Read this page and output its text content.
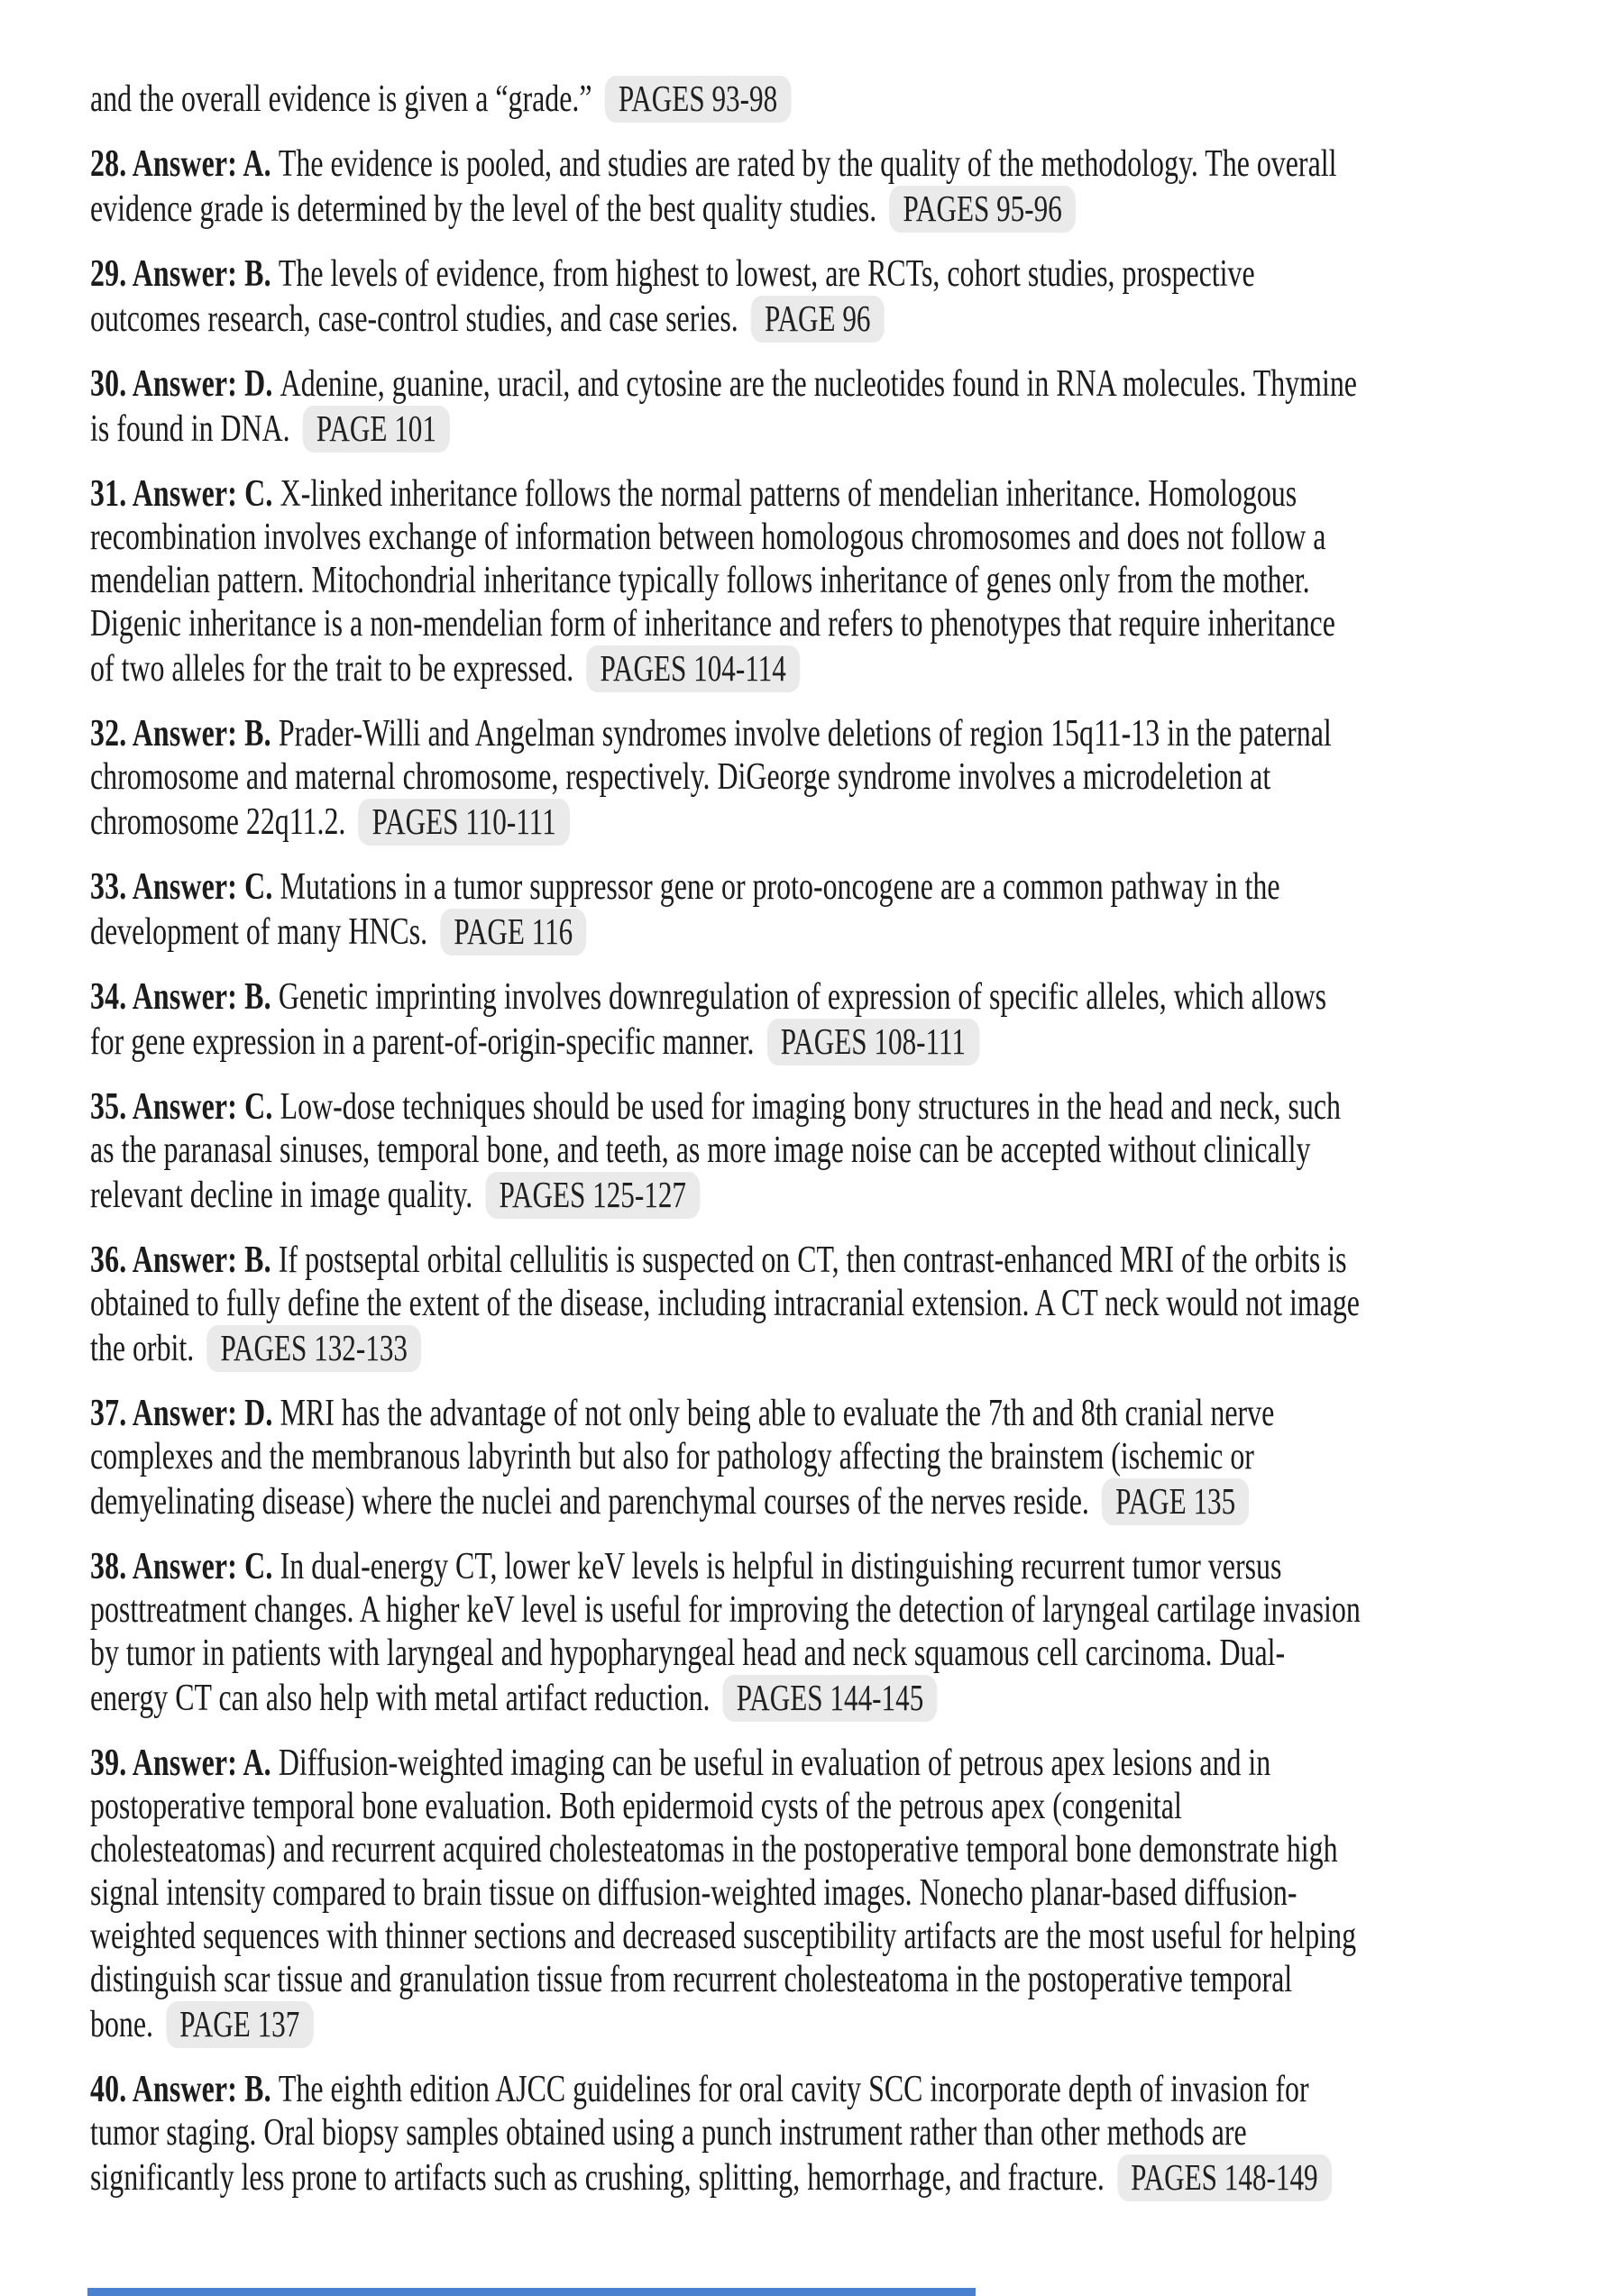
and the overall evidence is given a “grade.” PAGES 93-98

28. Answer: A. The evidence is pooled, and studies are rated by the quality of the methodology. The overall evidence grade is determined by the level of the best quality studies. PAGES 95-96

29. Answer: B. The levels of evidence, from highest to lowest, are RCTs, cohort studies, prospective outcomes research, case-control studies, and case series. PAGE 96

30. Answer: D. Adenine, guanine, uracil, and cytosine are the nucleotides found in RNA molecules. Thymine is found in DNA. PAGE 101

31. Answer: C. X-linked inheritance follows the normal patterns of mendelian inheritance. Homologous recombination involves exchange of information between homologous chromosomes and does not follow a mendelian pattern. Mitochondrial inheritance typically follows inheritance of genes only from the mother. Digenic inheritance is a non-mendelian form of inheritance and refers to phenotypes that require inheritance of two alleles for the trait to be expressed. PAGES 104-114

32. Answer: B. Prader-Willi and Angelman syndromes involve deletions of region 15q11-13 in the paternal chromosome and maternal chromosome, respectively. DiGeorge syndrome involves a microdeletion at chromosome 22q11.2. PAGES 110-111

33. Answer: C. Mutations in a tumor suppressor gene or proto-oncogene are a common pathway in the development of many HNCs. PAGE 116

34. Answer: B. Genetic imprinting involves downregulation of expression of specific alleles, which allows for gene expression in a parent-of-origin-specific manner. PAGES 108-111

35. Answer: C. Low-dose techniques should be used for imaging bony structures in the head and neck, such as the paranasal sinuses, temporal bone, and teeth, as more image noise can be accepted without clinically relevant decline in image quality. PAGES 125-127

36. Answer: B. If postseptal orbital cellulitis is suspected on CT, then contrast-enhanced MRI of the orbits is obtained to fully define the extent of the disease, including intracranial extension. A CT neck would not image the orbit. PAGES 132-133

37. Answer: D. MRI has the advantage of not only being able to evaluate the 7th and 8th cranial nerve complexes and the membranous labyrinth but also for pathology affecting the brainstem (ischemic or demyelinating disease) where the nuclei and parenchymal courses of the nerves reside. PAGE 135

38. Answer: C. In dual-energy CT, lower keV levels is helpful in distinguishing recurrent tumor versus posttreatment changes. A higher keV level is useful for improving the detection of laryngeal cartilage invasion by tumor in patients with laryngeal and hypopharyngeal head and neck squamous cell carcinoma. Dual-energy CT can also help with metal artifact reduction. PAGES 144-145

39. Answer: A. Diffusion-weighted imaging can be useful in evaluation of petrous apex lesions and in postoperative temporal bone evaluation. Both epidermoid cysts of the petrous apex (congenital cholesteatomas) and recurrent acquired cholesteatomas in the postoperative temporal bone demonstrate high signal intensity compared to brain tissue on diffusion-weighted images. Nonecho planar-based diffusion-weighted sequences with thinner sections and decreased susceptibility artifacts are the most useful for helping distinguish scar tissue and granulation tissue from recurrent cholesteatoma in the postoperative temporal bone. PAGE 137

40. Answer: B. The eighth edition AJCC guidelines for oral cavity SCC incorporate depth of invasion for tumor staging. Oral biopsy samples obtained using a punch instrument rather than other methods are significantly less prone to artifacts such as crushing, splitting, hemorrhage, and fracture. PAGES 148-149
